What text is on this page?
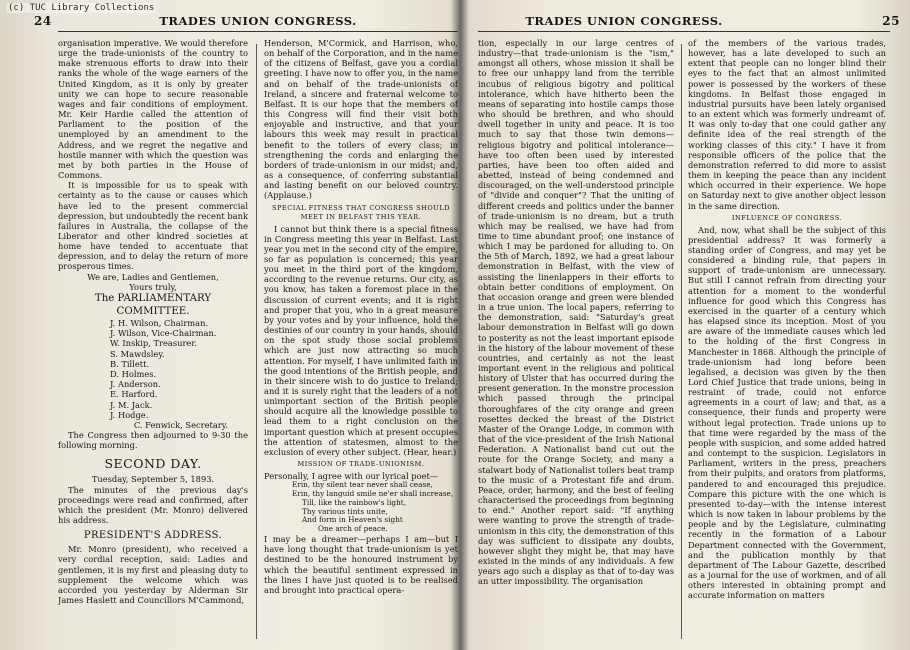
(c) TUC Library Collections
24	TRADES UNION CONGRESS.

organisation imperative. We would therefore urge the trade-unionists of the country to make strenuous efforts to draw into their ranks the whole of the wage earners of the United Kingdom, as it is only by greater unity we can hope to secure reasonable wages and fair conditions of employment. Mr. Keir Hardie called the attention of Parliament to the position of the unemployed by an amendment to the Address, and we regret the negative and hostile manner with which the question was met by both parties in the House of Commons.

It is impossible for us to speak with certainty as to the cause or causes which have led to the present commercial depression, but undoubtedly the recent bank failures in Australia, the collapse of the Liberator and other kindred societies at home have tended to accentuate that depression, and to delay the return of more prosperous times.

We are, Ladies and Gentlemen,

Yours truly,

The PARLIAMENTARY COMMITTEE.

J. H. Wilson, Chairman.
J. Wilson, Vice-Chairman.
W. Inskip, Treasurer.
S. Mawdsley.
B. Tillett.
D. Holmes.
J. Anderson.
E. Harford.
J. M. Jack.
J. Hodge.

C. Fenwick, Secretary.

The Congress then adjourned to 9-30 the following morning.

SECOND DAY.

Tuesday, September 5, 1893.

The minutes of the previous day's proceedings were read and confirmed, after which the president (Mr. Monro) delivered his address.

PRESIDENT'S ADDRESS.

Mr. Monro (president), who received a very cordial reception, said: Ladies and gentlemen, it is my first and pleasing duty to supplement the welcome which was accorded you yesterday by Alderman Sir James Haslett and Councillors M'Cammond,

Henderson, M'Cormick, and Harrison, who, on behalf of the Corporation, and in the name of the citizens of Belfast, gave you a cordial greeting. I have now to offer you, in the name and on behalf of the trade-unionists of Ireland, a sincere and fraternal welcome to Belfast. It is our hope that the members of this Congress will find their visit both enjoyable and instructive, and that your labours this week may result in practical benefit to the toilers of every class; in strengthening the cords and enlarging the borders of trade-unionism in our midst; and, as a consequence, of conferring substantial and lasting benefit on our beloved country. (Applause.)

SPECIAL FITNESS THAT CONGRESS SHOULD MEET IN BELFAST THIS YEAR.

I cannot but think there is a special fitness in Congress meeting this year in Belfast. Last year you met in the second city of the empire, so far as population is concerned; this year you meet in the third port of the kingdom, according to the revenue returns. Our city, as you know, has taken a foremost place in the discussion of current events; and it is right and proper that you, who in a great measure by your votes and by your influence, hold the destinies of our country in your hands, should on the spot study those social problems which are just now attracting so much attention. For myself, I have unlimited faith in the good intentions of the British people, and in their sincere wish to do justice to Ireland; and it is surely right that the leaders of a not unimportant section of the British people should acquire all the knowledge possible to lead them to a right conclusion on the important question which at present occupies the attention of statesmen, almost to the exclusion of every other subject. (Hear, hear.)

MISSION OF TRADE-UNIONISM.

Personally, I agree with our lyrical poet—

Erin, thy silent tear never shall cease,
Erin, thy languid smile ne'er shall increase,
Till, like the rainbow's light,
Thy various tints unite,
And form in Heaven's sight
One arch of peace.

I may be a dreamer—perhaps I am—but I have long thought that trade-unionism is yet destined to be the honoured instrument by which the beautiful sentiment expressed in the lines I have just quoted is to be realised and brought into practical opera-

TRADES UNION CONGRESS.	25

tion, especially in our large centres of industry—that trade-unionism is the "ism," amongst all others, whose mission it shall be to free our unhappy land from the terrible incubus of religious bigotry and political intolerance, which have hitherto been the means of separating into hostile camps those who should be brethren, and who should dwell together in unity and peace. It is too much to say that those twin demons—religious bigotry and political intolerance—have too often been used by interested parties, have been too often aided and abetted, instead of being condemned and discouraged, on the well-understood principle of "divide and conquer"? That the uniting of different creeds and politics under the banner of trade-unionism is no dream, but a truth which may be realised, we have had from time to time abundant proof; one instance of which I may be pardoned for alluding to. On the 5th of March, 1892, we had a great labour demonstration in Belfast, with the view of assisting the linenlappers in their efforts to obtain better conditions of employment. On that occasion orange and green were blended in a true union. The local papers, referring to the demonstration, said: "Saturday's great labour demonstration in Belfast will go down to posterity as not the least important episode in the history of the labour movement of these countries, and certainly as not the least important event in the religious and political history of Ulster that has occurred during the present generation. In the monstre procession which passed through the principal thoroughfares of the city orange and green rosettes decked the breast of the District Master of the Orange Lodge, in common with that of the vice-president of the Irish National Federation. A Nationalist band cut out the route for the Orange Society, and many a stalwart body of Nationalist toilers beat tramp to the music of a Protestant fife and drum. Peace, order, harmony, and the best of feeling characterised the proceedings from beginning to end." Another report said: "If anything were wanting to prove the strength of trade-unionism in this city, the demonstration of this day was sufficient to dissipate any doubts, however slight they might be, that may have existed in the minds of any individuals. A few years ago such a display as that of to-day was an utter impossibility. The organisation

of the members of the various trades, however, has a late developed to such an extent that people can no longer blind their eyes to the fact that an almost unlimited power is possessed by the workers of these kingdoms. In Belfast those engaged in industrial pursuits have been lately organised to an extent which was formerly undreamt of. It was only to-day that one could gather any definite idea of the real strength of the working classes of this city." I have it from responsible officers of the police that the demonstration referred to did more to assist them in keeping the peace than any incident which occurred in their experience. We hope on Saturday next to give another object lesson in the same direction.

INFLUENCE OF CONGRESS.

And, now, what shall be the subject of this presidential address? It was formerly a standing order of Congress, and may yet be considered a binding rule, that papers in support of trade-unionism are unnecessary. But still I cannot refrain from directing your attention for a moment to the wonderful influence for good which this Congress has exercised in the quarter of a century which has elapsed since its inception. Most of you are aware of the immediate causes which led to the holding of the first Congress in Manchester in 1868. Although the principle of trade-unionism had long before been legalised, a decision was given by the then Lord Chief Justice that trade unions, being in restraint of trade, could not enforce agreements in a court of law; and that, as a consequence, their funds and property were without legal protection. Trade unions up to that time were regarded by the mass of the people with suspicion, and some added hatred and contempt to the suspicion. Legislators in Parliament, writers in the press, preachers from their pulpits, and orators from platforms, pandered to and encouraged this prejudice. Compare this picture with the one which is presented to-day—with the intense interest which is now taken in labour problems by the people and by the Legislature, culminating recently in the formation of a Labour Department connected with the Government, and the publication monthly by that department of The Labour Gazette, described as a journal for the use of workmen, and of all others interested in obtaining prompt and accurate information on matters
